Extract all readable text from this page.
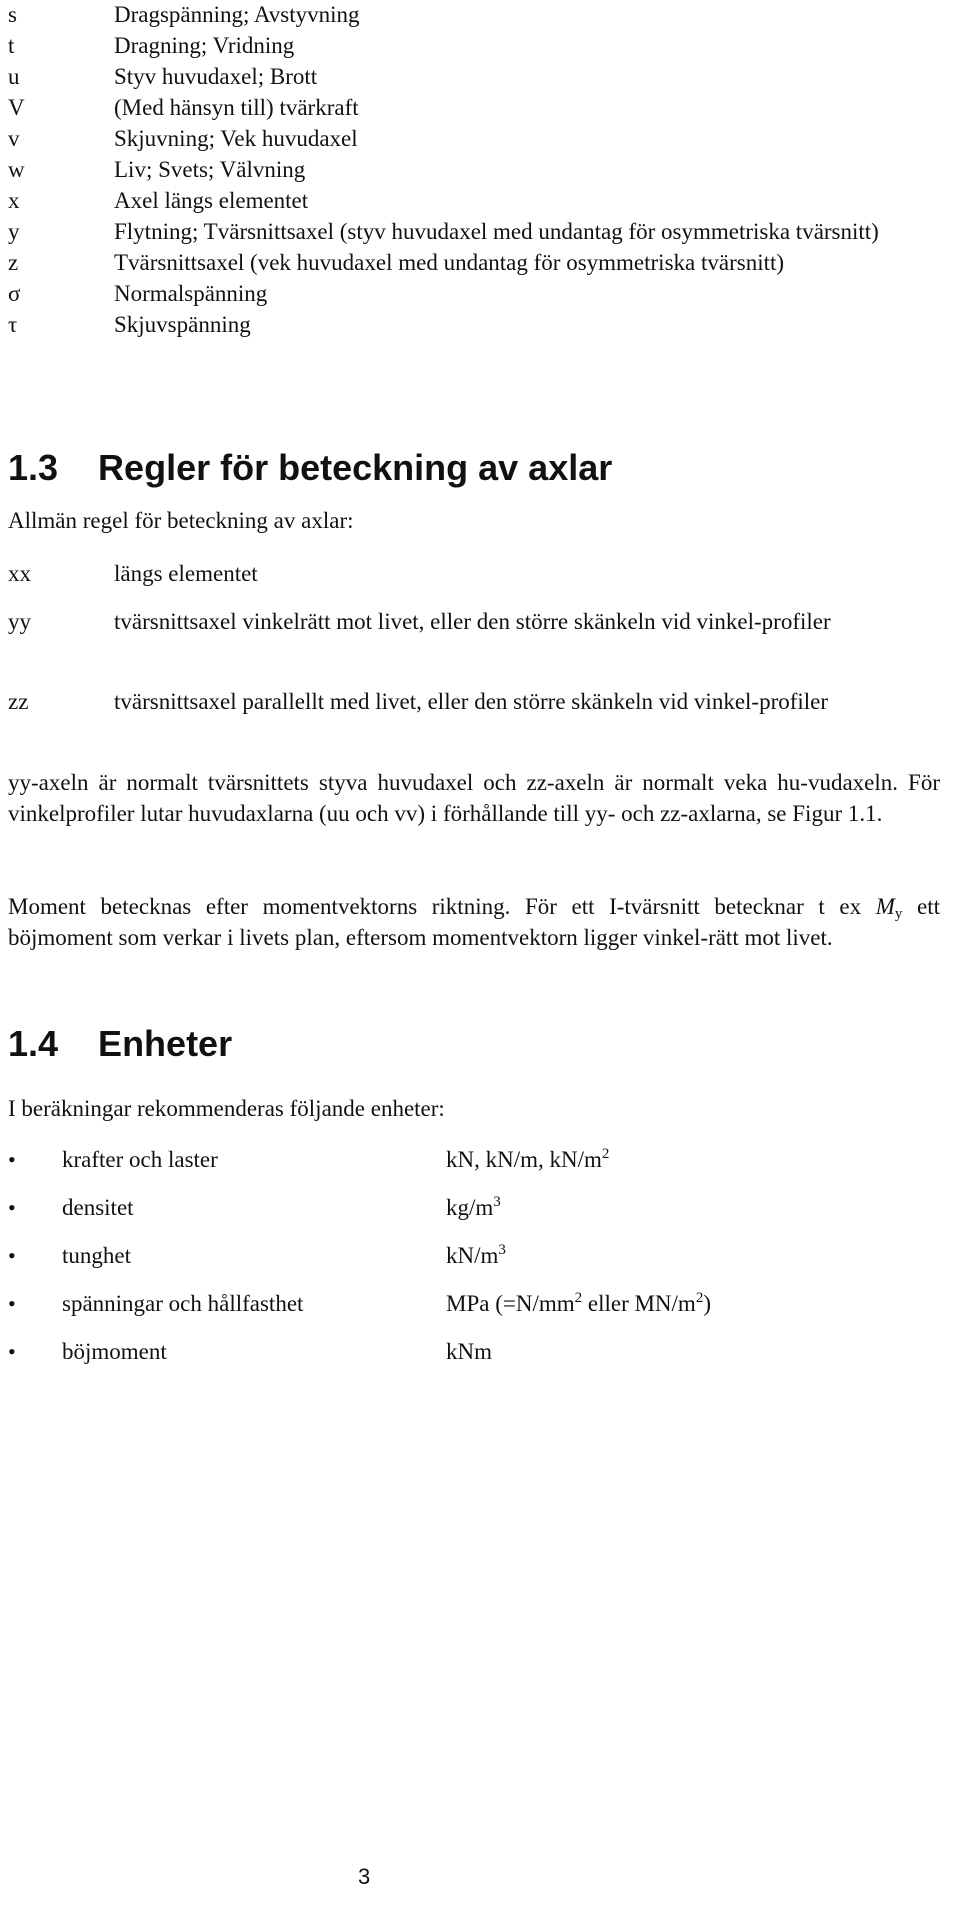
s	Dragspänning; Avstyvning
t	Dragning; Vridning
u	Styv huvudaxel; Brott
V	(Med hänsyn till) tvärkraft
v	Skjuvning; Vek huvudaxel
w	Liv; Svets; Välvning
x	Axel längs elementet
y	Flytning; Tvärsnittsaxel (styv huvudaxel med undantag för osymmetriska tvärsnitt)
z	Tvärsnittsaxel (vek huvudaxel med undantag för osymmetriska tvärsnitt)
σ	Normalspänning
τ	Skjuvspänning
1.3    Regler för beteckning av axlar
Allmän regel för beteckning av axlar:
xx	längs elementet
yy	tvärsnittsaxel vinkelrätt mot livet, eller den större skänkeln vid vinkel-profiler
zz	tvärsnittsaxel parallellt med livet, eller den större skänkeln vid vinkel-profiler
yy-axeln är normalt tvärsnittets styva huvudaxel och zz-axeln är normalt veka hu-vudaxeln. För vinkelprofiler lutar huvudaxlarna (uu och vv) i förhållande till yy- och zz-axlarna, se Figur 1.1.
Moment betecknas efter momentvektorns riktning. För ett I-tvärsnitt betecknar t ex $M_y$ ett böjmoment som verkar i livets plan, eftersom momentvektorn ligger vinkel-rätt mot livet.
1.4    Enheter
I beräkningar rekommenderas följande enheter:
•	krafter och laster	kN, kN/m, $kN/m^2$
•	densitet	$kg/m^3$
•	tunghet	$kN/m^3$
•	spänningar och hållfasthet	MPa ($=N/mm^2$ eller $MN/m^2$)
•	böjmoment	kNm
3
